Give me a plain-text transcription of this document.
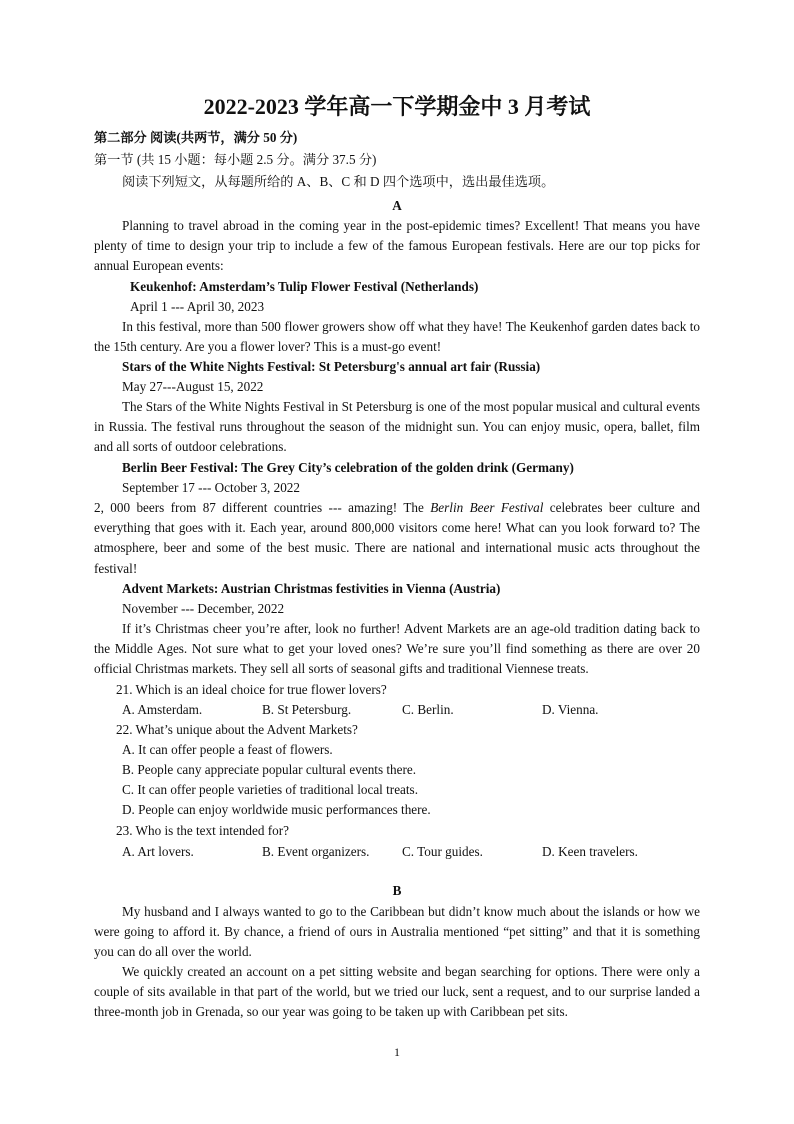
2022-2023 学年高一下学期金中 3 月考试
第二部分 阅读(共两节，满分 50 分)
第一节 (共 15 小题：每小题 2.5 分。满分 37.5 分)
阅读下列短文，从每题所给的 A、B、C 和 D 四个选项中，选出最佳选项。
A
Planning to travel abroad in the coming year in the post-epidemic times? Excellent! That means you have plenty of time to design your trip to include a few of the famous European festivals. Here are our top picks for annual European events:
Keukenhof: Amsterdam’s Tulip Flower Festival (Netherlands)
April 1 --- April 30, 2023
In this festival, more than 500 flower growers show off what they have! The Keukenhof garden dates back to the 15th century. Are you a flower lover? This is a must-go event!
Stars of the White Nights Festival: St Petersburg's annual art fair (Russia)
May 27---August 15, 2022
The Stars of the White Nights Festival in St Petersburg is one of the most popular musical and cultural events in Russia. The festival runs throughout the season of the midnight sun. You can enjoy music, opera, ballet, film and all sorts of outdoor celebrations.
Berlin Beer Festival: The Grey City’s celebration of the golden drink (Germany)
September 17 --- October 3, 2022
2, 000 beers from 87 different countries --- amazing! The Berlin Beer Festival celebrates beer culture and everything that goes with it. Each year, around 800,000 visitors come here! What can you look forward to? The atmosphere, beer and some of the best music. There are national and international music acts throughout the festival!
Advent Markets: Austrian Christmas festivities in Vienna (Austria)
November --- December, 2022
If it’s Christmas cheer you’re after, look no further! Advent Markets are an age-old tradition dating back to the Middle Ages. Not sure what to get your loved ones? We’re sure you’ll find something as there are over 20 official Christmas markets. They sell all sorts of seasonal gifts and traditional Viennese treats.
21. Which is an ideal choice for true flower lovers?
A. Amsterdam.	B. St Petersburg.	C. Berlin.	D. Vienna.
22. What’s unique about the Advent Markets?
A. It can offer people a feast of flowers.
B. People cany appreciate popular cultural events there.
C. It can offer people varieties of traditional local treats.
D. People can enjoy worldwide music performances there.
23. Who is the text intended for?
A. Art lovers.	B. Event organizers. C. Tour guides.	D. Keen travelers.
B
My husband and I always wanted to go to the Caribbean but didn’t know much about the islands or how we were going to afford it. By chance, a friend of ours in Australia mentioned “pet sitting” and that it is something you can do all over the world.
We quickly created an account on a pet sitting website and began searching for options. There were only a couple of sits available in that part of the world, but we tried our luck, sent a request, and to our surprise landed a three-month job in Grenada, so our year was going to be taken up with Caribbean pet sits.
1
